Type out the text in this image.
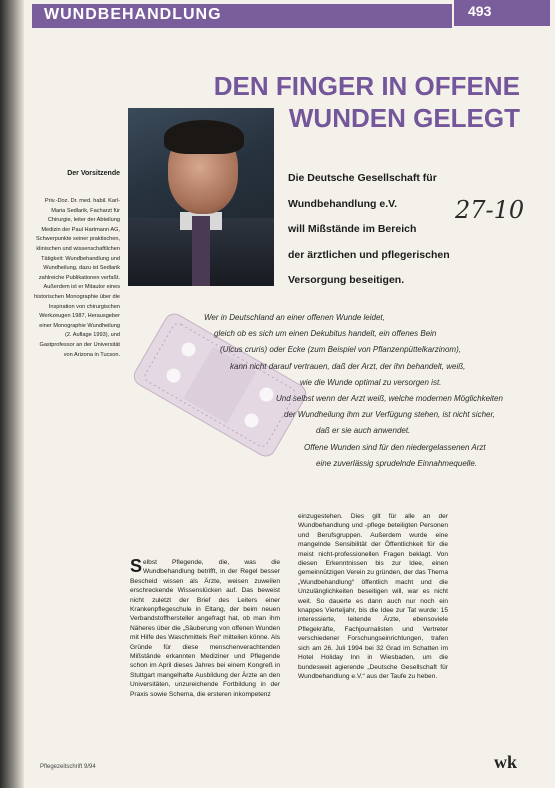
WUNDBEHANDLUNG	493
DEN FINGER IN OFFENE
WUNDEN GELEGT
Der Vorsitzende
Priv.-Doz. Dr. med. habil. Karl-Maria Sedlarik, Facharzt für Chirurgie, leiter der Abteilung Medizin der Paul Hartmann AG, Schwerpunkte seiner praktischen, klinischen und wissenschaftlichen Tätigkeit: Wundbehandlung und Wundheilung, dazu ist Sedlarik zahlreiche Publikationen verfaßt. Außerdem ist er Mitautor eines historischen Monographie über die Inspiration von chirurgischen Werkzeugen 1987, Herausgeber einer Monographie Wundheilung (2. Auflage 1993), und Gastprofessor an der Universität von Arizona in Tucson.
Die Deutsche Gesellschaft für
Wundbehandlung e.V.
will Mißstände im Bereich
der ärztlichen und pflegerischen
Versorgung beseitigen.
27-10
Wer in Deutschland an einer offenen Wunde leidet,
gleich ob es sich um einen Dekubitus handelt, ein offenes Bein
(Ulcus cruris) oder Ecke (zum Beispiel von Pflanzenpüttelkarzinom),
kann nicht darauf vertrauen, daß der Arzt, der ihn behandelt, weiß,
wie die Wunde optimal zu versorgen ist.
Und selbst wenn der Arzt weiß, welche modernen Möglichkeiten
der Wundheilung ihm zur Verfügung stehen, ist nicht sicher,
daß er sie auch anwendet.
Offene Wunden sind für den niedergelassenen Arzt
eine zuverlässig sprudelnde Einnahmequelle.
einzugestehen. Dies gilt für alle an der Wundbehandlung und -pflege beteiligten Personen und Berufsgruppen. Außerdem wurde eine mangelnde Sensibilität der Öffentlichkeit für die meist nicht-professionellen Fragen beklagt. Von diesen Erkenntnissen bis zur Idee, einen gemeinnützigen Verein zu gründen, der das Thema „Wundbehandlung“ öffentlich macht und die Unzulänglichkeiten beseitigen will, war es nicht weit. So dauerte es dann auch nur noch ein knappes Vierteljahr, bis die Idee zur Tat wurde: 15 interessierte, leitende Ärzte, ebensoviele Pflegekräfte, Fachjournalisten und Vertreter verschiedener Forschungseinrichtungen, trafen sich am 26. Juli 1994 bei 32 Grad im Schatten im Hotel Holiday Inn in Wiesbaden, um die bundesweit agierende „Deutsche Gesellschaft für Wundbehandlung e.V.“ aus der Taufe zu heben.
Selbst Pflegende, die, was die Wundbehandlung betrifft, in der Regel besser Bescheid wissen als Ärzte, weisen zuweilen erschreckende Wissenslücken auf. Das beweist nicht zuletzt der Brief des Leiters einer Krankenpflegeschule in Eltang, der beim neuen Verbandstoffhersteller angefragt hat, ob man ihm Näheres über die „Säuberung von offenen Wunden mit Hilfe des Waschmittels Rei“ mitteilen könne. Als Gründe für diese menschenverachtenden Mißstände erkannten Mediziner und Pflegende schon im April dieses Jahres bei einem Kongreß in Stuttgart mangelhafte Ausbildung der Ärzte an den Universitäten, unzureichende Fortbildung in der Praxis sowie Schema, die ersteren inkompetenz
Pflegezeitschrift 9/94	wk
